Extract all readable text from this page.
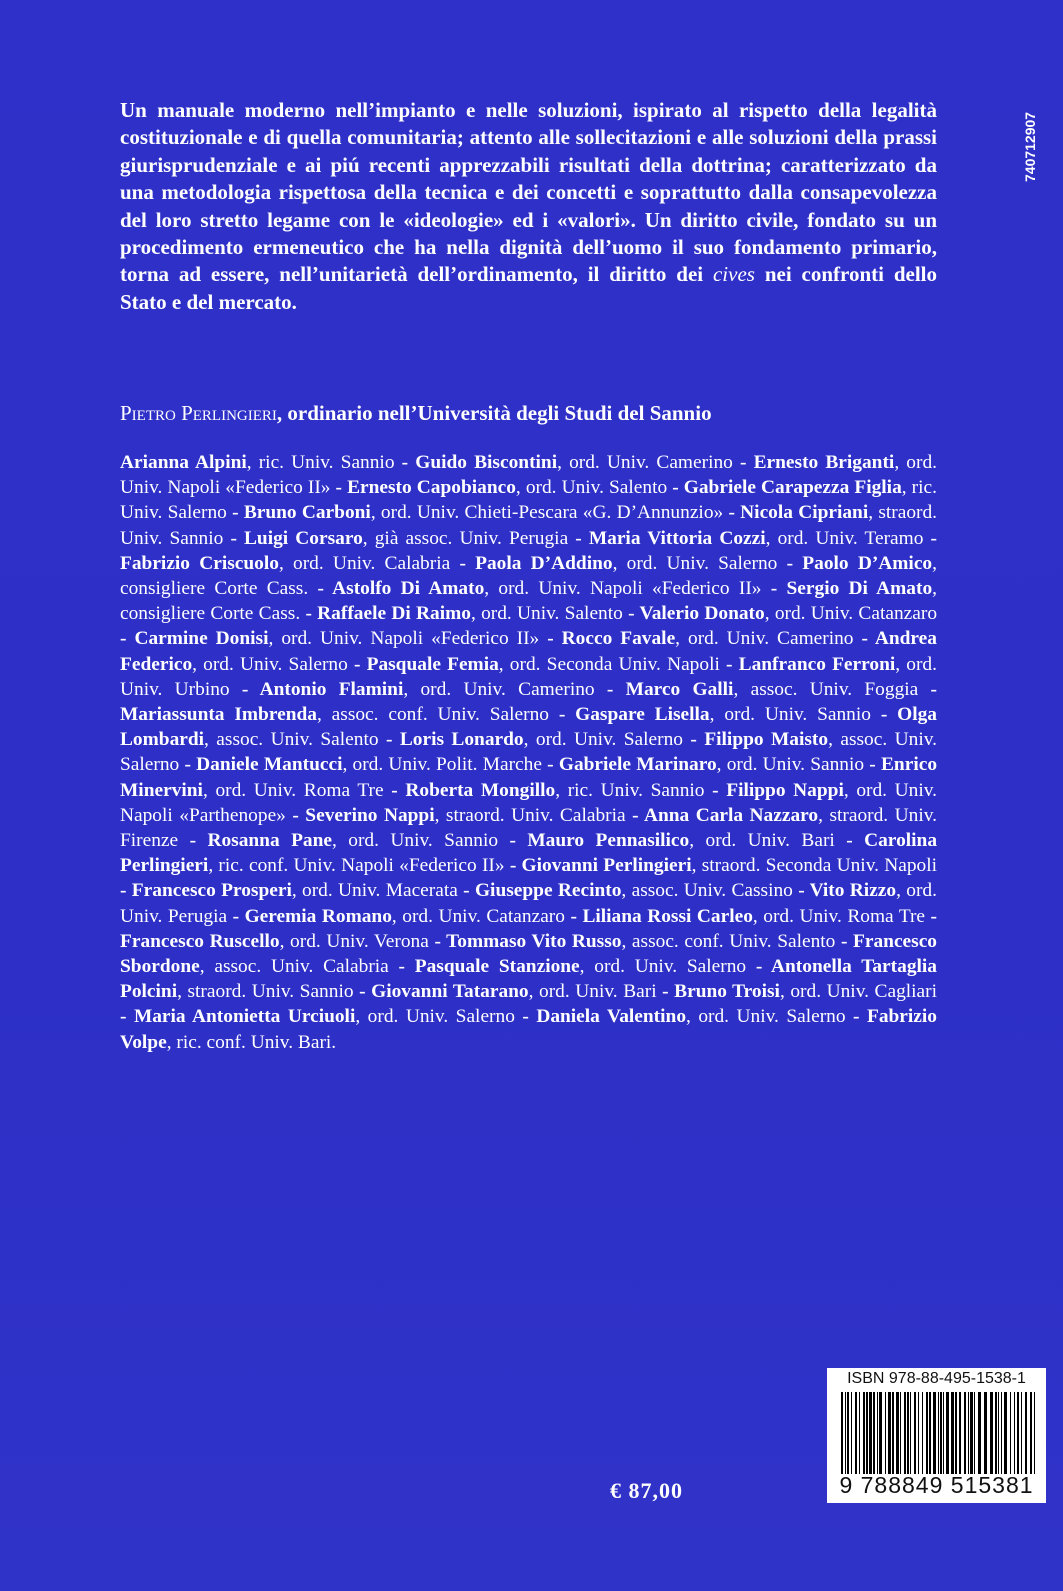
740712907
Un manuale moderno nell’impianto e nelle soluzioni, ispirato al rispetto della legalità costituzionale e di quella comunitaria; attento alle sollecitazioni e alle soluzioni della prassi giurisprudenziale e ai piú recenti apprezzabili risultati della dottrina; caratterizzato da una metodologia rispettosa della tecnica e dei concetti e soprattutto dalla consapevolezza del loro stretto legame con le «ideologie» ed i «valori». Un diritto civile, fondato su un procedimento ermeneutico che ha nella dignità dell’uomo il suo fondamento primario, torna ad essere, nell’unitarietà dell’ordinamento, il diritto dei cives nei confronti dello Stato e del mercato.
Pietro Perlingieri, ordinario nell’Università degli Studi del Sannio
Arianna Alpini, ric. Univ. Sannio - Guido Biscontini, ord. Univ. Camerino - Ernesto Briganti, ord. Univ. Napoli «Federico II» - Ernesto Capobianco, ord. Univ. Salento - Gabriele Carapezza Figlia, ric. Univ. Salerno - Bruno Carboni, ord. Univ. Chieti-Pescara «G. D’Annunzio» - Nicola Cipriani, straord. Univ. Sannio - Luigi Corsaro, già assoc. Univ. Perugia - Maria Vittoria Cozzi, ord. Univ. Teramo - Fabrizio Criscuolo, ord. Univ. Calabria - Paola D’Addino, ord. Univ. Salerno - Paolo D’Amico, consigliere Corte Cass. - Astolfo Di Amato, ord. Univ. Napoli «Federico II» - Sergio Di Amato, consigliere Corte Cass. - Raffaele Di Raimo, ord. Univ. Salento - Valerio Donato, ord. Univ. Catanzaro - Carmine Donisi, ord. Univ. Napoli «Federico II» - Rocco Favale, ord. Univ. Camerino - Andrea Federico, ord. Univ. Salerno - Pasquale Femia, ord. Seconda Univ. Napoli - Lanfranco Ferroni, ord. Univ. Urbino - Antonio Flamini, ord. Univ. Camerino - Marco Galli, assoc. Univ. Foggia - Mariassunta Imbrenda, assoc. conf. Univ. Salerno - Gaspare Lisella, ord. Univ. Sannio - Olga Lombardi, assoc. Univ. Salento - Loris Lonardo, ord. Univ. Salerno - Filippo Maisto, assoc. Univ. Salerno - Daniele Mantucci, ord. Univ. Polit. Marche - Gabriele Marinaro, ord. Univ. Sannio - Enrico Minervini, ord. Univ. Roma Tre - Roberta Mongillo, ric. Univ. Sannio - Filippo Nappi, ord. Univ. Napoli «Parthenope» - Severino Nappi, straord. Univ. Calabria - Anna Carla Nazzaro, straord. Univ. Firenze - Rosanna Pane, ord. Univ. Sannio - Mauro Pennasilico, ord. Univ. Bari - Carolina Perlingieri, ric. conf. Univ. Napoli «Federico II» - Giovanni Perlingieri, straord. Seconda Univ. Napoli - Francesco Prosperi, ord. Univ. Macerata - Giuseppe Recinto, assoc. Univ. Cassino - Vito Rizzo, ord. Univ. Perugia - Geremia Romano, ord. Univ. Catanzaro - Liliana Rossi Carleo, ord. Univ. Roma Tre - Francesco Ruscello, ord. Univ. Verona - Tommaso Vito Russo, assoc. conf. Univ. Salento - Francesco Sbordone, assoc. Univ. Calabria - Pasquale Stanzione, ord. Univ. Salerno - Antonella Tartaglia Polcini, straord. Univ. Sannio - Giovanni Tatarano, ord. Univ. Bari - Bruno Troisi, ord. Univ. Cagliari - Maria Antonietta Urciuoli, ord. Univ. Salerno - Daniela Valentino, ord. Univ. Salerno - Fabrizio Volpe, ric. conf. Univ. Bari.
€ 87,00
ISBN 978-88-495-1538-1
9 788849 515381
